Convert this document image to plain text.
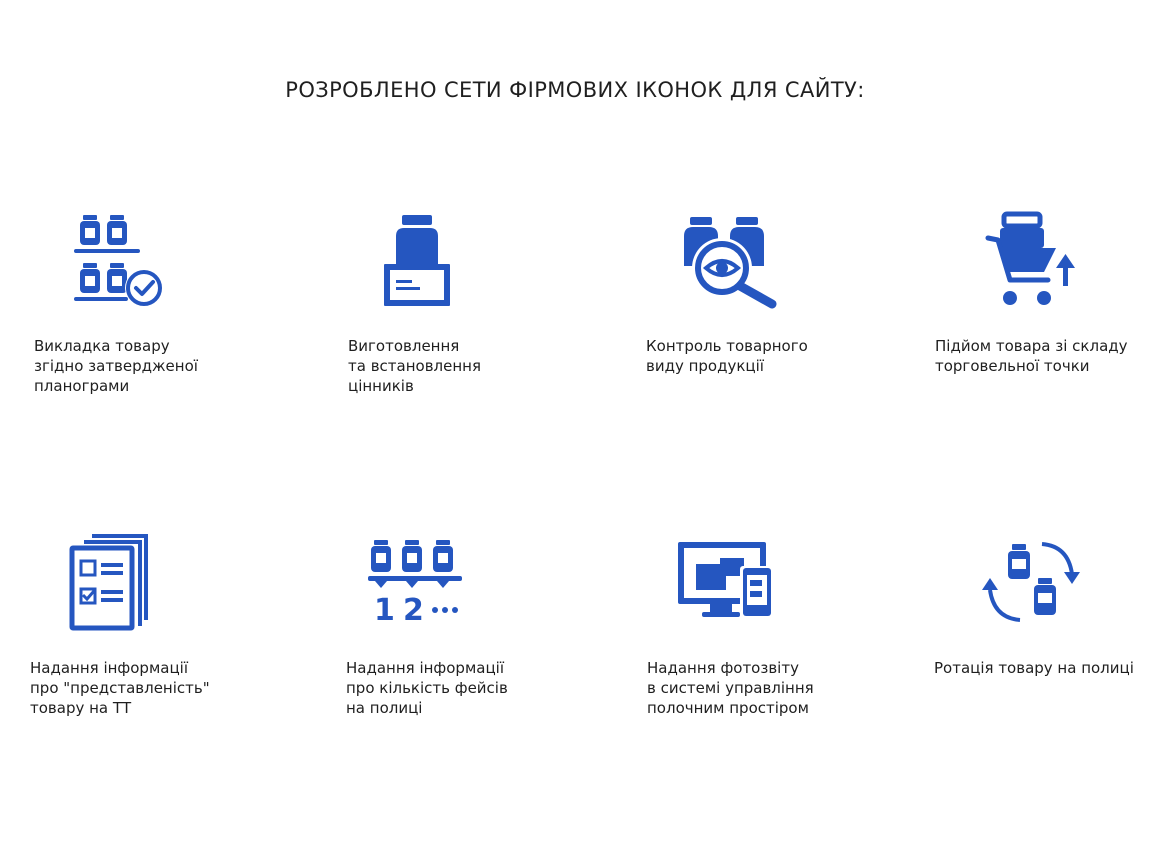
РОЗРОБЛЕНО СЕТИ ФІРМОВИХ ІКОНОК ДЛЯ САЙТУ:
Викладка товару
згідно затвердженої
планограми
Виготовлення
та встановлення
цінників
Контроль товарного
виду продукції
Підйом товара зі складу
торговельної точки
Надання інформації
про "представленість"
товару на ТТ
1 2
Надання інформації
про кількість фейсів
на полиці
Надання фотозвіту
в системі управління
полочним простіром
Ротація товару на полиці
